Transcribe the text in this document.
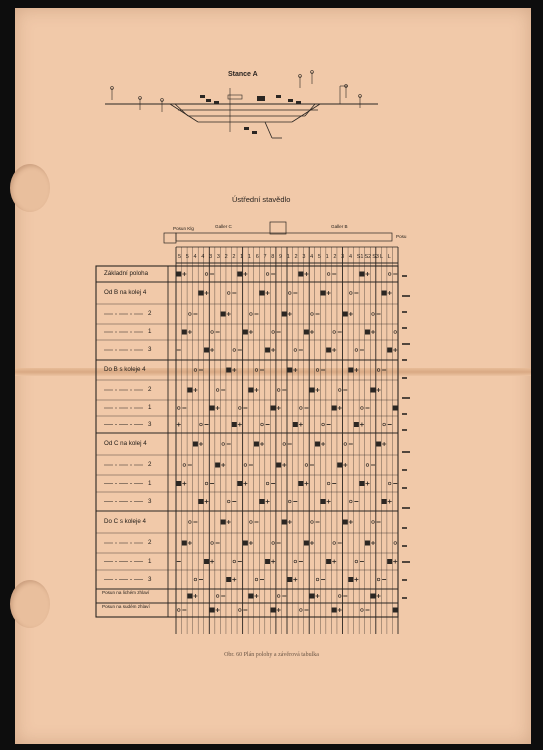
Stance A
Ústřední stavědlo
5 5 4 4 3 3 2 2 1 1 6 7 8 9 1 2 3 4 5 1 2 3 4 S1 S2 S3 L L
Posun Klg	Galler C	Galler B
Posu
Základní poloha
Od B na kolej 4
2
1
3
Do B s koleje 4
2
1
3
Od C na kolej 4
2
1
3
Do C s koleje 4
2
1
3
Posun na lichém zhlaví
Posun na sudém zhlaví
Obr. 60 Plán polohy a závěrová tabulka
